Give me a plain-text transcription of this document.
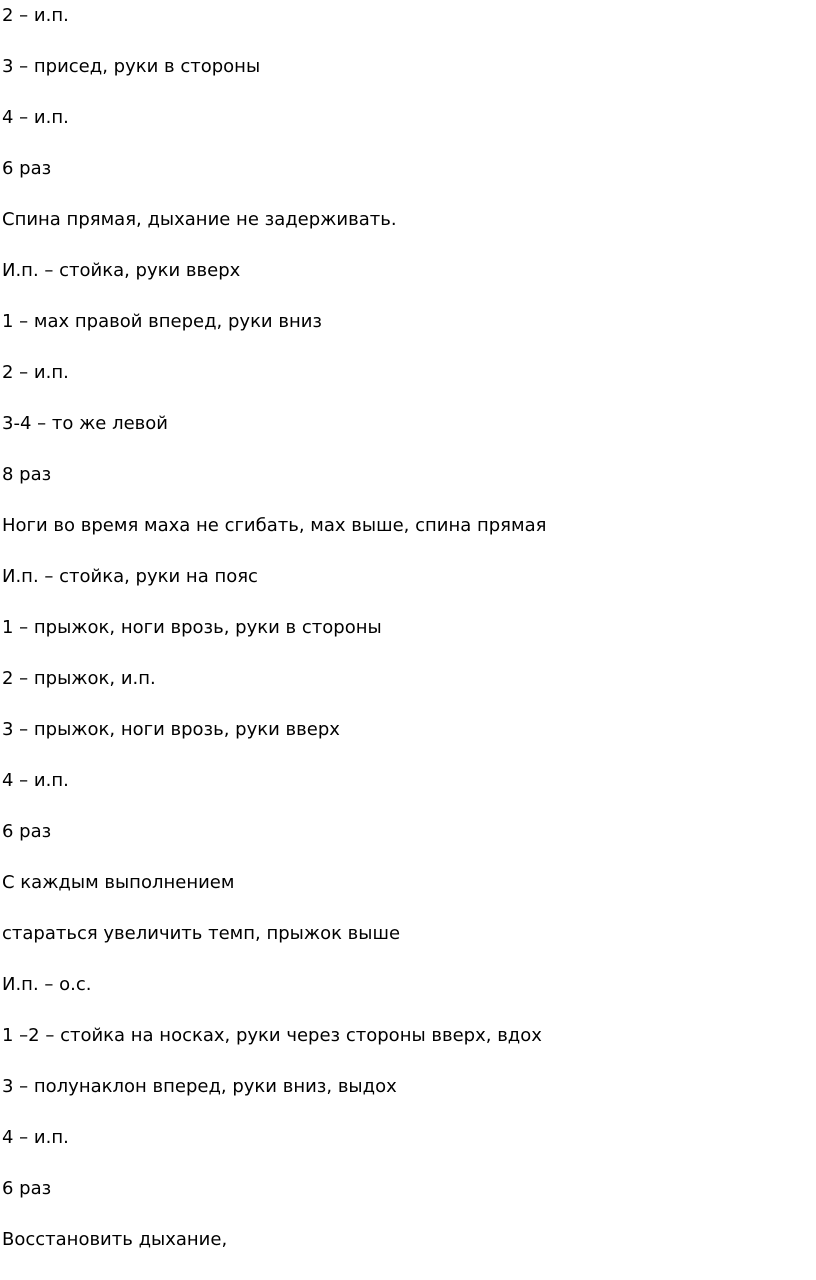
2 – и.п.

3 – присед, руки в стороны

4 – и.п.

6 раз

Спина прямая, дыхание не задерживать.

И.п. – стойка, руки вверх

1 – мах правой вперед, руки вниз

2 – и.п.

3-4 – то же левой

8 раз

Ноги во время маха не сгибать, мах выше, спина прямая

И.п. – стойка, руки на пояс

1 – прыжок, ноги врозь, руки в стороны

2 – прыжок, и.п.

3 – прыжок, ноги врозь, руки вверх

4 – и.п.

6 раз

С каждым выполнением

стараться увеличить темп, прыжок выше

И.п. – о.с.

1 –2 – стойка на носках, руки через стороны вверх, вдох

3 – полунаклон вперед, руки вниз, выдох

4 – и.п.

6 раз

Восстановить дыхание,
